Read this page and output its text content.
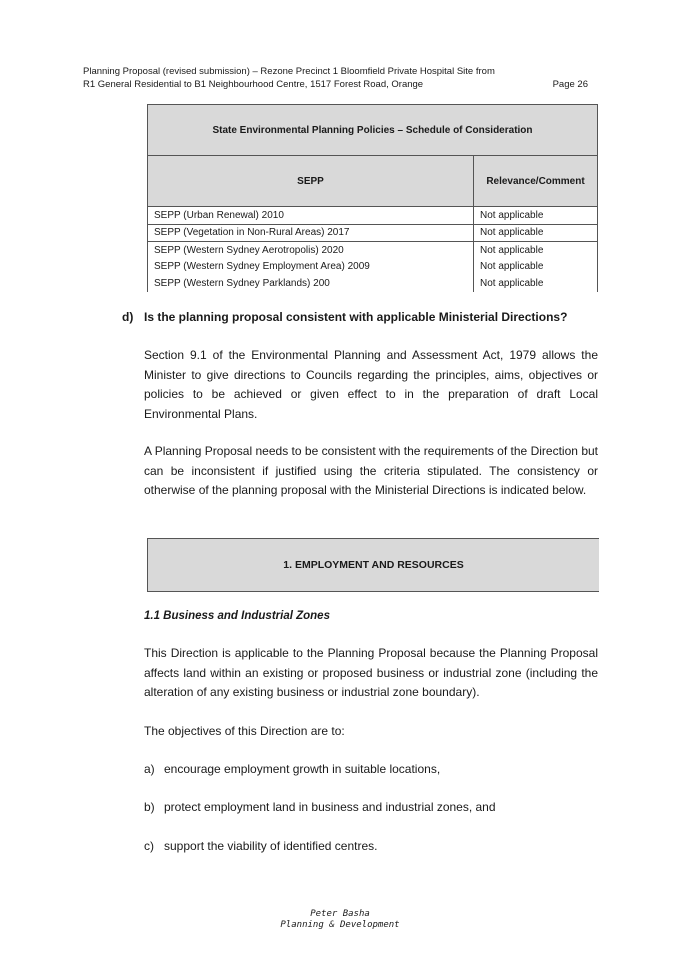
Planning Proposal (revised submission) – Rezone Precinct 1 Bloomfield Private Hospital Site from
R1 General Residential to B1 Neighbourhood Centre, 1517 Forest Road, Orange	Page 26
State Environmental Planning Policies – Schedule of Consideration	
SEPP	Relevance/Comment
SEPP (Urban Renewal) 2010	Not applicable
SEPP (Vegetation in Non-Rural Areas) 2017	Not applicable
SEPP (Western Sydney Aerotropolis) 2020	Not applicable
SEPP (Western Sydney Employment Area) 2009	Not applicable
SEPP (Western Sydney Parklands) 200	Not applicable
d) Is the planning proposal consistent with applicable Ministerial Directions?
Section 9.1 of the Environmental Planning and Assessment Act, 1979 allows the Minister to give directions to Councils regarding the principles, aims, objectives or policies to be achieved or given effect to in the preparation of draft Local Environmental Plans.
A Planning Proposal needs to be consistent with the requirements of the Direction but can be inconsistent if justified using the criteria stipulated. The consistency or otherwise of the planning proposal with the Ministerial Directions is indicated below.
1. EMPLOYMENT AND RESOURCES
1.1 Business and Industrial Zones
This Direction is applicable to the Planning Proposal because the Planning Proposal affects land within an existing or proposed business or industrial zone (including the alteration of any existing business or industrial zone boundary).
The objectives of this Direction are to:
a) encourage employment growth in suitable locations,
b) protect employment land in business and industrial zones, and
c) support the viability of identified centres.
Peter Basha
Planning & Development
